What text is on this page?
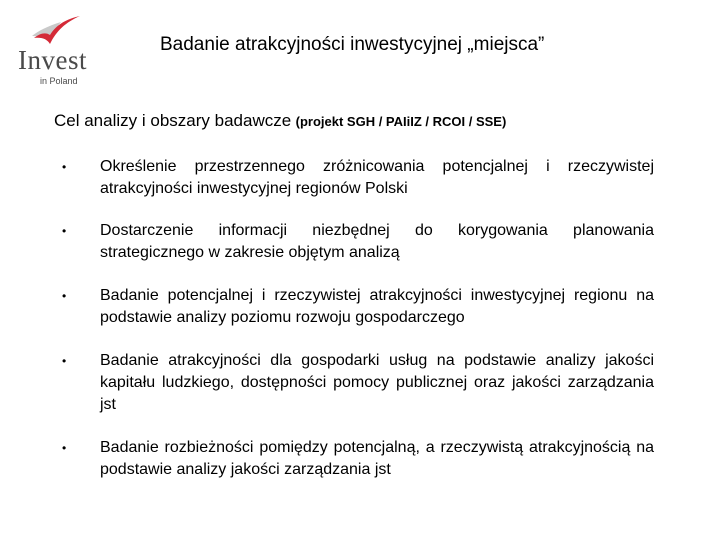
Invest
in Poland
Badanie atrakcyjności inwestycyjnej „miejsca”
Cel analizy i obszary badawcze (projekt SGH / PAIiIZ / RCOI / SSE)
• Określenie przestrzennego zróżnicowania potencjalnej i rzeczywistej atrakcyjności inwestycyjnej regionów Polski
• Dostarczenie informacji niezbędnej do korygowania planowania strategicznego w zakresie objętym analizą
• Badanie potencjalnej i rzeczywistej atrakcyjności inwestycyjnej regionu na podstawie analizy poziomu rozwoju gospodarczego
• Badanie atrakcyjności dla gospodarki usług na podstawie analizy jakości kapitału ludzkiego, dostępności pomocy publicznej oraz jakości zarządzania jst
• Badanie rozbieżności pomiędzy potencjalną, a rzeczywistą atrakcyjnością na podstawie analizy jakości zarządzania jst
